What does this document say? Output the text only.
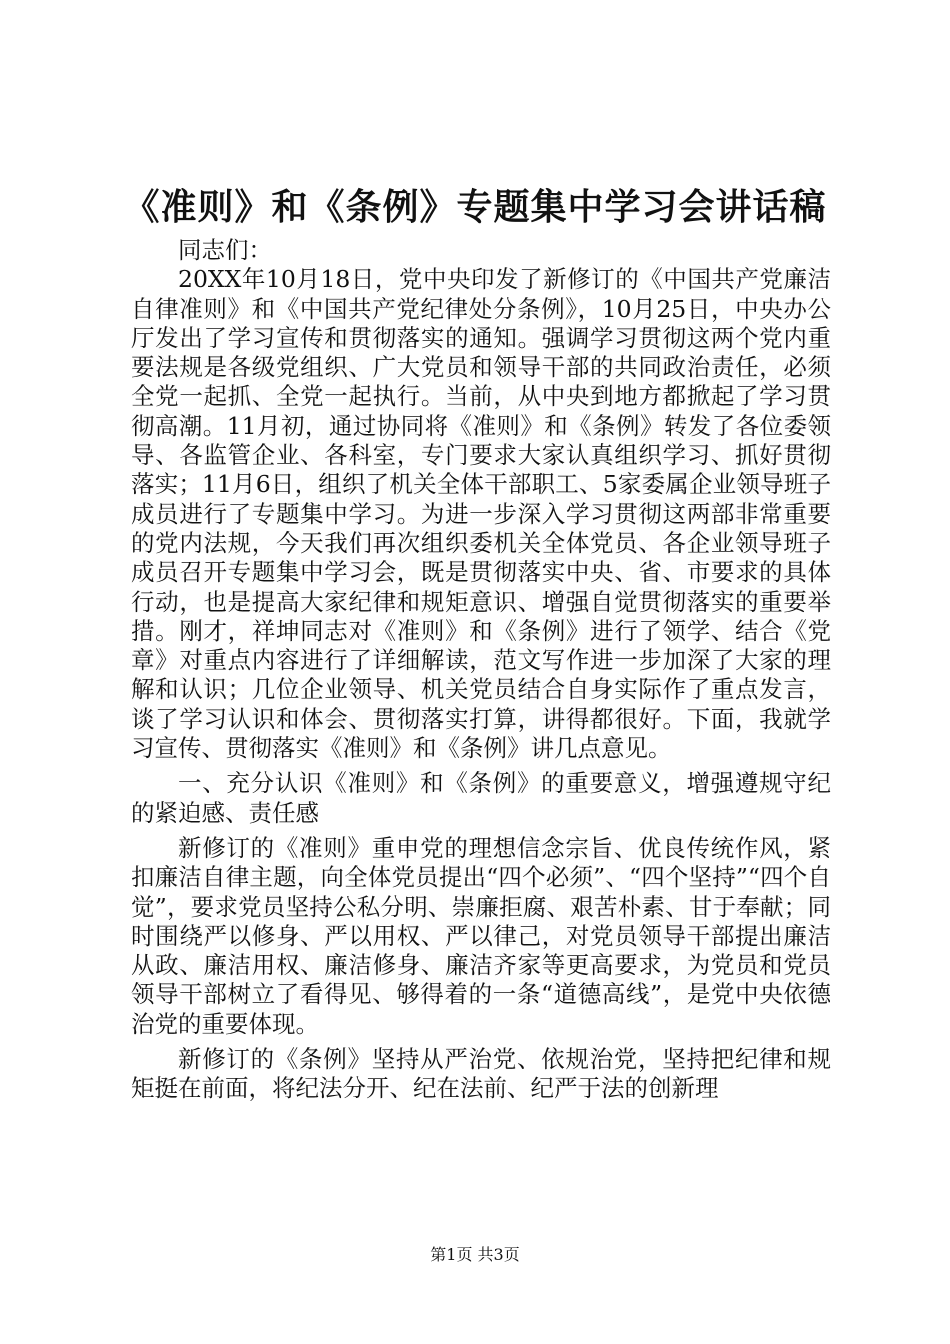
《准则》和《条例》专题集中学习会讲话稿

同志们：

20XX年10月18日，党中央印发了新修订的《中国共产党廉洁自律准则》和《中国共产党纪律处分条例》，10月25日，中央办公厅发出了学习宣传和贯彻落实的通知。强调学习贯彻这两个党内重要法规是各级党组织、广大党员和领导干部的共同政治责任，必须全党一起抓、全党一起执行。当前，从中央到地方都掀起了学习贯彻高潮。11月初，通过协同将《准则》和《条例》转发了各位委领导、各监管企业、各科室，专门要求大家认真组织学习、抓好贯彻落实；11月6日，组织了机关全体干部职工、5家委属企业领导班子成员进行了专题集中学习。为进一步深入学习贯彻这两部非常重要的党内法规，今天我们再次组织委机关全体党员、各企业领导班子成员召开专题集中学习会，既是贯彻落实中央、省、市要求的具体行动，也是提高大家纪律和规矩意识、增强自觉贯彻落实的重要举措。刚才，祥坤同志对《准则》和《条例》进行了领学、结合《党章》对重点内容进行了详细解读，范文写作进一步加深了大家的理解和认识；几位企业领导、机关党员结合自身实际作了重点发言，谈了学习认识和体会、贯彻落实打算，讲得都很好。下面，我就学习宣传、贯彻落实《准则》和《条例》讲几点意见。

一、充分认识《准则》和《条例》的重要意义，增强遵规守纪的紧迫感、责任感

新修订的《准则》重申党的理想信念宗旨、优良传统作风，紧扣廉洁自律主题，向全体党员提出“四个必须”、“四个坚持”“四个自觉”，要求党员坚持公私分明、崇廉拒腐、艰苦朴素、甘于奉献；同时围绕严以修身、严以用权、严以律己，对党员领导干部提出廉洁从政、廉洁用权、廉洁修身、廉洁齐家等更高要求，为党员和党员领导干部树立了看得见、够得着的一条“道德高线”，是党中央依德治党的重要体现。

新修订的《条例》坚持从严治党、依规治党，坚持把纪律和规矩挺在前面，将纪法分开、纪在法前、纪严于法的创新理

第1页 共3页
